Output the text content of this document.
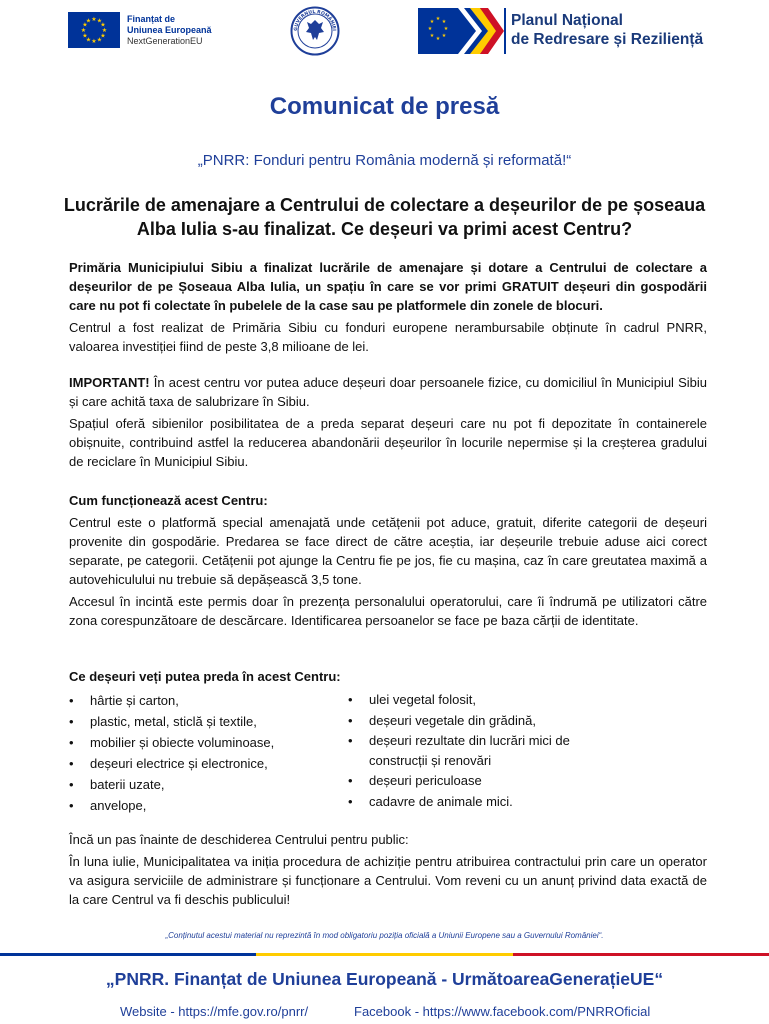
★ ★
★
★
★
★
★
★
★
★
★
★	Finanțat de
Uniunea Europeană
NextGenerationEU
GUVERNUL ROMÂNIEI
★ ★
★
★
★
★
★
★	Planul Național
de Redresare și Reziliență
Comunicat de presă
„PNRR: Fonduri pentru România modernă și reformată!“
Lucrările de amenajare a Centrului de colectare a deșeurilor de pe șoseaua Alba Iulia s-au finalizat. Ce deșeuri va primi acest Centru?

Primăria Municipiului Sibiu a finalizat lucrările de amenajare și dotare a Centrului de colectare a deșeurilor de pe Șoseaua Alba Iulia, un spațiu în care se vor primi GRATUIT deșeuri din gospodării care nu pot fi colectate în pubelele de la case sau pe platformele din zonele de blocuri.

Centrul a fost realizat de Primăria Sibiu cu fonduri europene nerambursabile obținute în cadrul PNRR, valoarea investiției fiind de peste 3,8 milioane de lei.

IMPORTANT! În acest centru vor putea aduce deșeuri doar persoanele fizice, cu domiciliul în Municipiul Sibiu și care achită taxa de salubrizare în Sibiu.

Spațiul oferă sibienilor posibilitatea de a preda separat deșeuri care nu pot fi depozitate în containerele obișnuite, contribuind astfel la reducerea abandonării deșeurilor în locurile nepermise și la creșterea gradului de reciclare în Municipiul Sibiu.

Cum funcționează acest Centru:

Centrul este o platformă special amenajată unde cetățenii pot aduce, gratuit, diferite categorii de deșeuri provenite din gospodărie. Predarea se face direct de către aceștia, iar deșeurile trebuie aduse aici corect separate, pe categorii. Cetățenii pot ajunge la Centru fie pe jos, fie cu mașina, caz în care greutatea maximă a autovehiculului nu trebuie să depășească 3,5 tone.

Accesul în incintă este permis doar în prezența personalului operatorului, care îi îndrumă pe utilizatori către zona corespunzătoare de descărcare. Identificarea persoanelor se face pe baza cărții de identitate.

Ce deșeuri veți putea preda în acest Centru:

• hârtie și carton,
• plastic, metal, sticlă și textile,
• mobilier și obiecte voluminoase,
• deșeuri electrice și electronice,
• baterii uzate,
• anvelope,
• ulei vegetal folosit,
• deșeuri vegetale din grădină,
• deșeuri rezultate din lucrări mici de construcții și renovări
• deșeuri periculoase
• cadavre de animale mici.

Încă un pas înainte de deschiderea Centrului pentru public:

În luna iulie, Municipalitatea va iniția procedura de achiziție pentru atribuirea contractului prin care un operator va asigura serviciile de administrare și funcționare a Centrului. Vom reveni cu un anunț privind data exactă de la care Centrul va fi deschis publicului!

„Conținutul acestui material nu reprezintă în mod obligatoriu poziția oficială a Uniunii Europene sau a Guvernului României“.
„PNRR. Finanțat de Uniunea Europeană - UrmătoareaGenerațieUE“
Website - https://mfe.gov.ro/pnrr/	Facebook - https://www.facebook.com/PNRROficial
